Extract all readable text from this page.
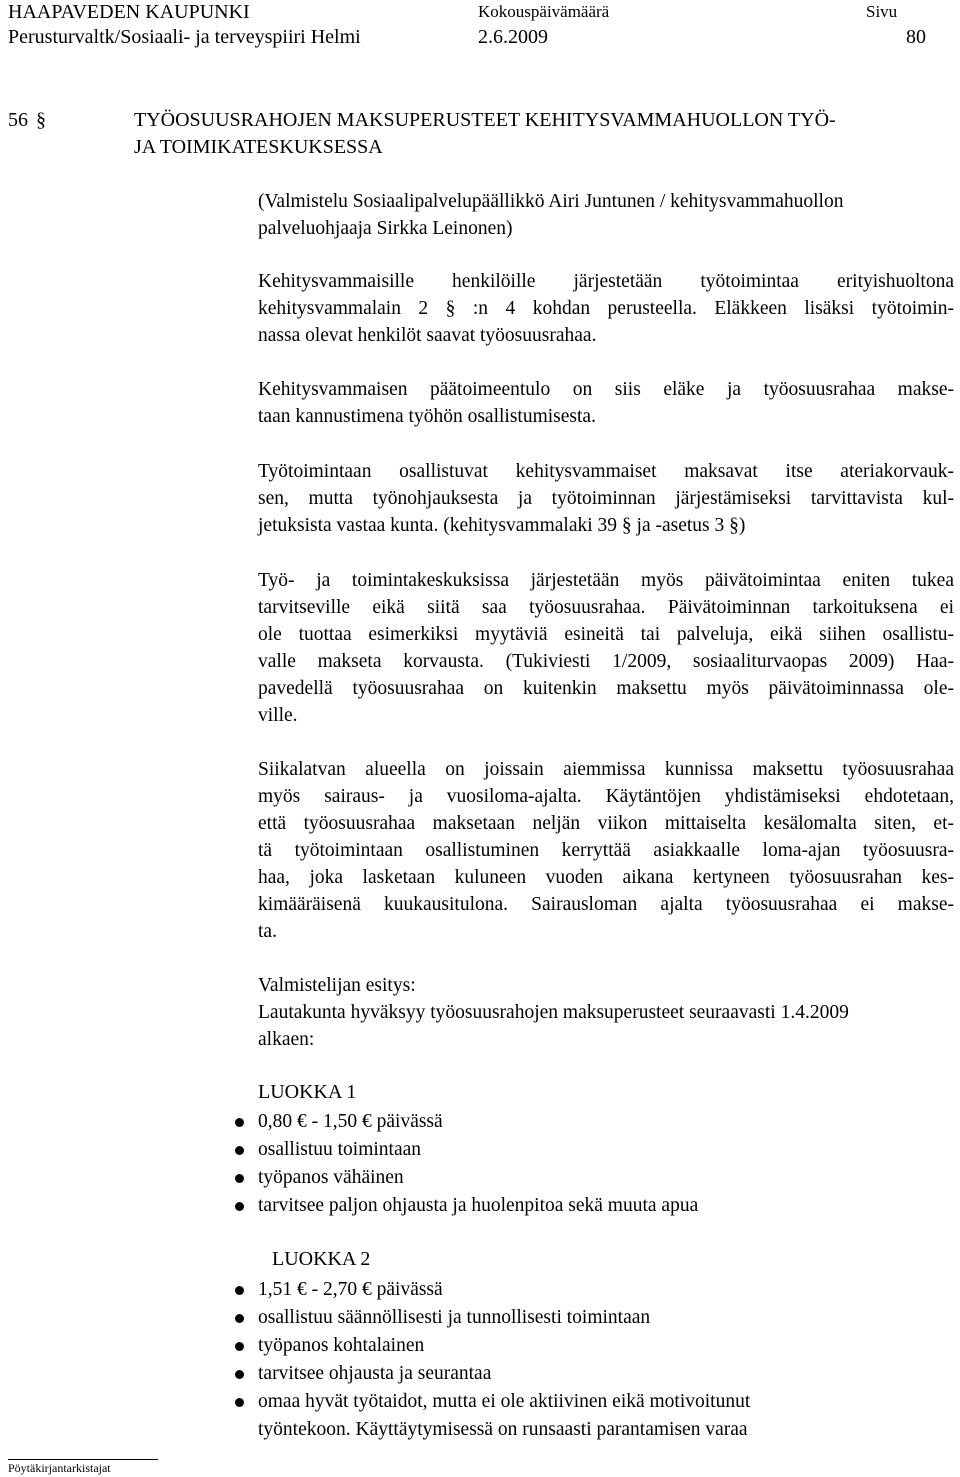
HAAPAVEDEN KAUPUNKI
Perusturvaltk/Sosiaali- ja terveyspiiri Helmi
Kokouspäivämäärä
2.6.2009
Sivu
80
56 §	TYÖOSUUSRAHOJEN MAKSUPERUSTEET KEHITYSVAMMAHUOLLON TYÖ-
JA TOIMIKATESKUKSESSA
(Valmistelu Sosiaalipalvelupäällikkö Airi Juntunen / kehitysvammahuollon
palveluohjaaja Sirkka Leinonen)
Kehitysvammaisille henkilöille järjestetään työtoimintaa erityishuoltona
kehitysvammalain 2 § :n 4 kohdan perusteella. Eläkkeen lisäksi työtoimin-
nassa olevat henkilöt saavat työosuusrahaa.
Kehitysvammaisen päätoimeentulo on siis eläke ja työosuusrahaa makse-
taan kannustimena työhön osallistumisesta.
Työtoimintaan osallistuvat kehitysvammaiset maksavat itse ateriakorvauk-
sen, mutta työnohjauksesta ja työtoiminnan järjestämiseksi tarvittavista kul-
jetuksista vastaa kunta. (kehitysvammalaki 39 § ja -asetus 3 §)
Työ- ja toimintakeskuksissa järjestetään myös päivätoimintaa eniten tukea
tarvitseville eikä siitä saa työosuusrahaa. Päivätoiminnan tarkoituksena ei
ole tuottaa esimerkiksi myytäviä esineitä tai palveluja, eikä siihen osallistu-
valle makseta korvausta. (Tukiviesti 1/2009, sosiaaliturvaopas 2009) Haa-
pavedellä työosuusrahaa on kuitenkin maksettu myös päivätoiminnassa ole-
ville.
Siikalatvan alueella on joissain aiemmissa kunnissa maksettu työosuusrahaa
myös sairaus- ja vuosiloma-ajalta. Käytäntöjen yhdistämiseksi ehdotetaan,
että työosuusrahaa maksetaan neljän viikon mittaiselta kesälomalta siten, et-
tä työtoimintaan osallistuminen kerryttää asiakkaalle loma-ajan työosuusra-
haa, joka lasketaan kuluneen vuoden aikana kertyneen työosuusrahan kes-
kimääräisenä kuukausitulona. Sairausloman ajalta työosuusrahaa ei makse-
ta.
Valmistelijan esitys:
Lautakunta hyväksyy työosuusrahojen maksuperusteet seuraavasti 1.4.2009
alkaen:
LUOKKA 1
0,80 € - 1,50 € päivässä
osallistuu toimintaan
työpanos vähäinen
tarvitsee paljon ohjausta ja huolenpitoa sekä muuta apua
LUOKKA 2
1,51 € - 2,70 € päivässä
osallistuu säännöllisesti ja tunnollisesti toimintaan
työpanos kohtalainen
tarvitsee ohjausta ja seurantaa
omaa hyvät työtaidot, mutta ei ole aktiivinen eikä motivoitunut
työntekoon. Käyttäytymisessä on runsaasti parantamisen varaa
Pöytäkirjantarkistajat
